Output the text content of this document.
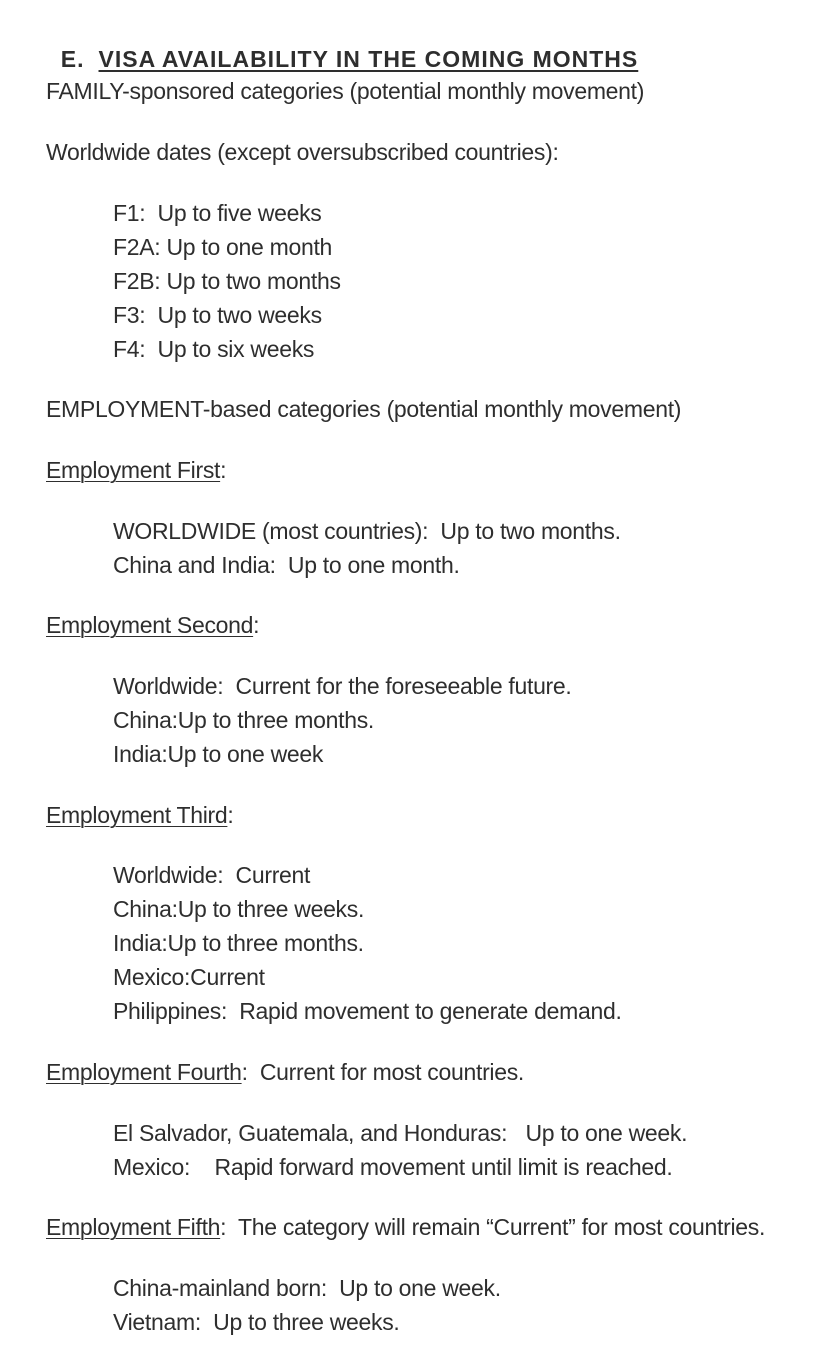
E. VISA AVAILABILITY IN THE COMING MONTHS

FAMILY-sponsored categories (potential monthly movement)
Worldwide dates (except oversubscribed countries):
F1: Up to five weeks
F2A: Up to one month
F2B: Up to two months
F3: Up to two weeks
F4: Up to six weeks
EMPLOYMENT-based categories (potential monthly movement)
Employment First:
WORLDWIDE (most countries): Up to two months.
China and India: Up to one month.
Employment Second:
Worldwide: Current for the foreseeable future.
China:Up to three months.
India:Up to one week
Employment Third:
Worldwide: Current
China:Up to three weeks.
India:Up to three months.
Mexico:Current
Philippines: Rapid movement to generate demand.
Employment Fourth:  Current for most countries.
El Salvador, Guatemala, and Honduras: Up to one week.
Mexico: Rapid forward movement until limit is reached.
Employment Fifth:  The category will remain “Current” for most countries.
China-mainland born: Up to one week.
Vietnam: Up to three weeks.
